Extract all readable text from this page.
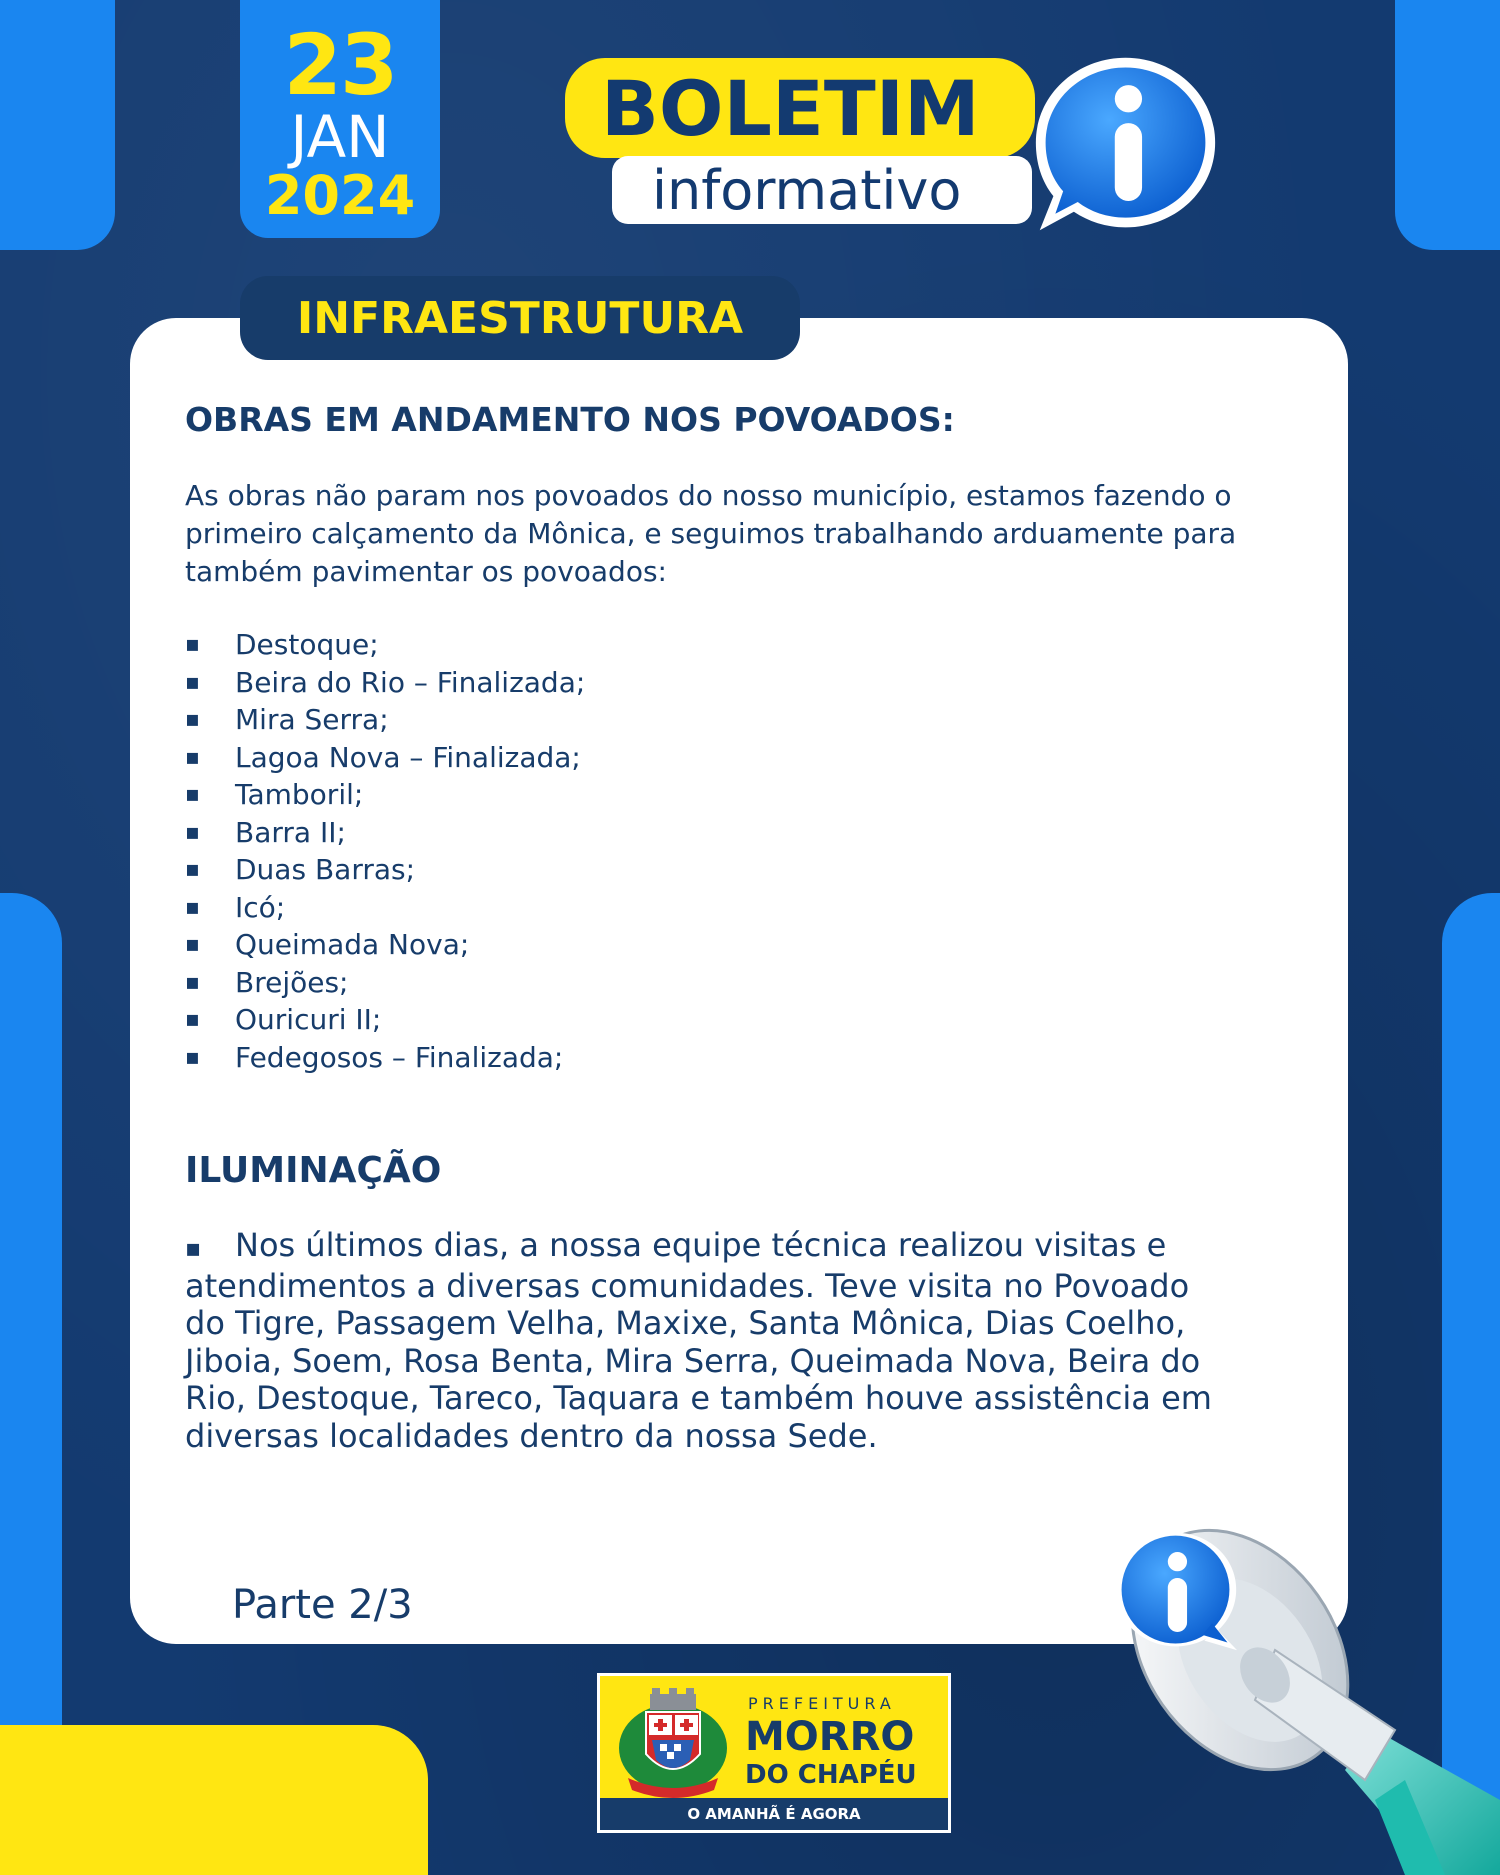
23
JAN
2024
BOLETIM
informativo
INFRAESTRUTURA
OBRAS EM ANDAMENTO NOS POVOADOS:
As obras não param nos povoados do nosso município, estamos fazendo o primeiro calçamento da Mônica, e seguimos trabalhando arduamente para também pavimentar os povoados:
▪ Destoque;
▪ Beira do Rio – Finalizada;
▪ Mira Serra;
▪ Lagoa Nova – Finalizada;
▪ Tamboril;
▪ Barra II;
▪ Duas Barras;
▪ Icó;
▪ Queimada Nova;
▪ Brejões;
▪ Ouricuri II;
▪ Fedegosos – Finalizada;
ILUMINAÇÃO
▪ Nos últimos dias, a nossa equipe técnica realizou visitas e atendimentos a diversas comunidades. Teve visita no Povoado do Tigre, Passagem Velha, Maxixe, Santa Mônica, Dias Coelho, Jiboia, Soem, Rosa Benta, Mira Serra, Queimada Nova, Beira do Rio, Destoque, Tareco, Taquara e também houve assistência em diversas localidades dentro da nossa Sede.
Parte 2/3
PREFEITURA
MORRO
DO CHAPÉU
O AMANHÃ É AGORA
